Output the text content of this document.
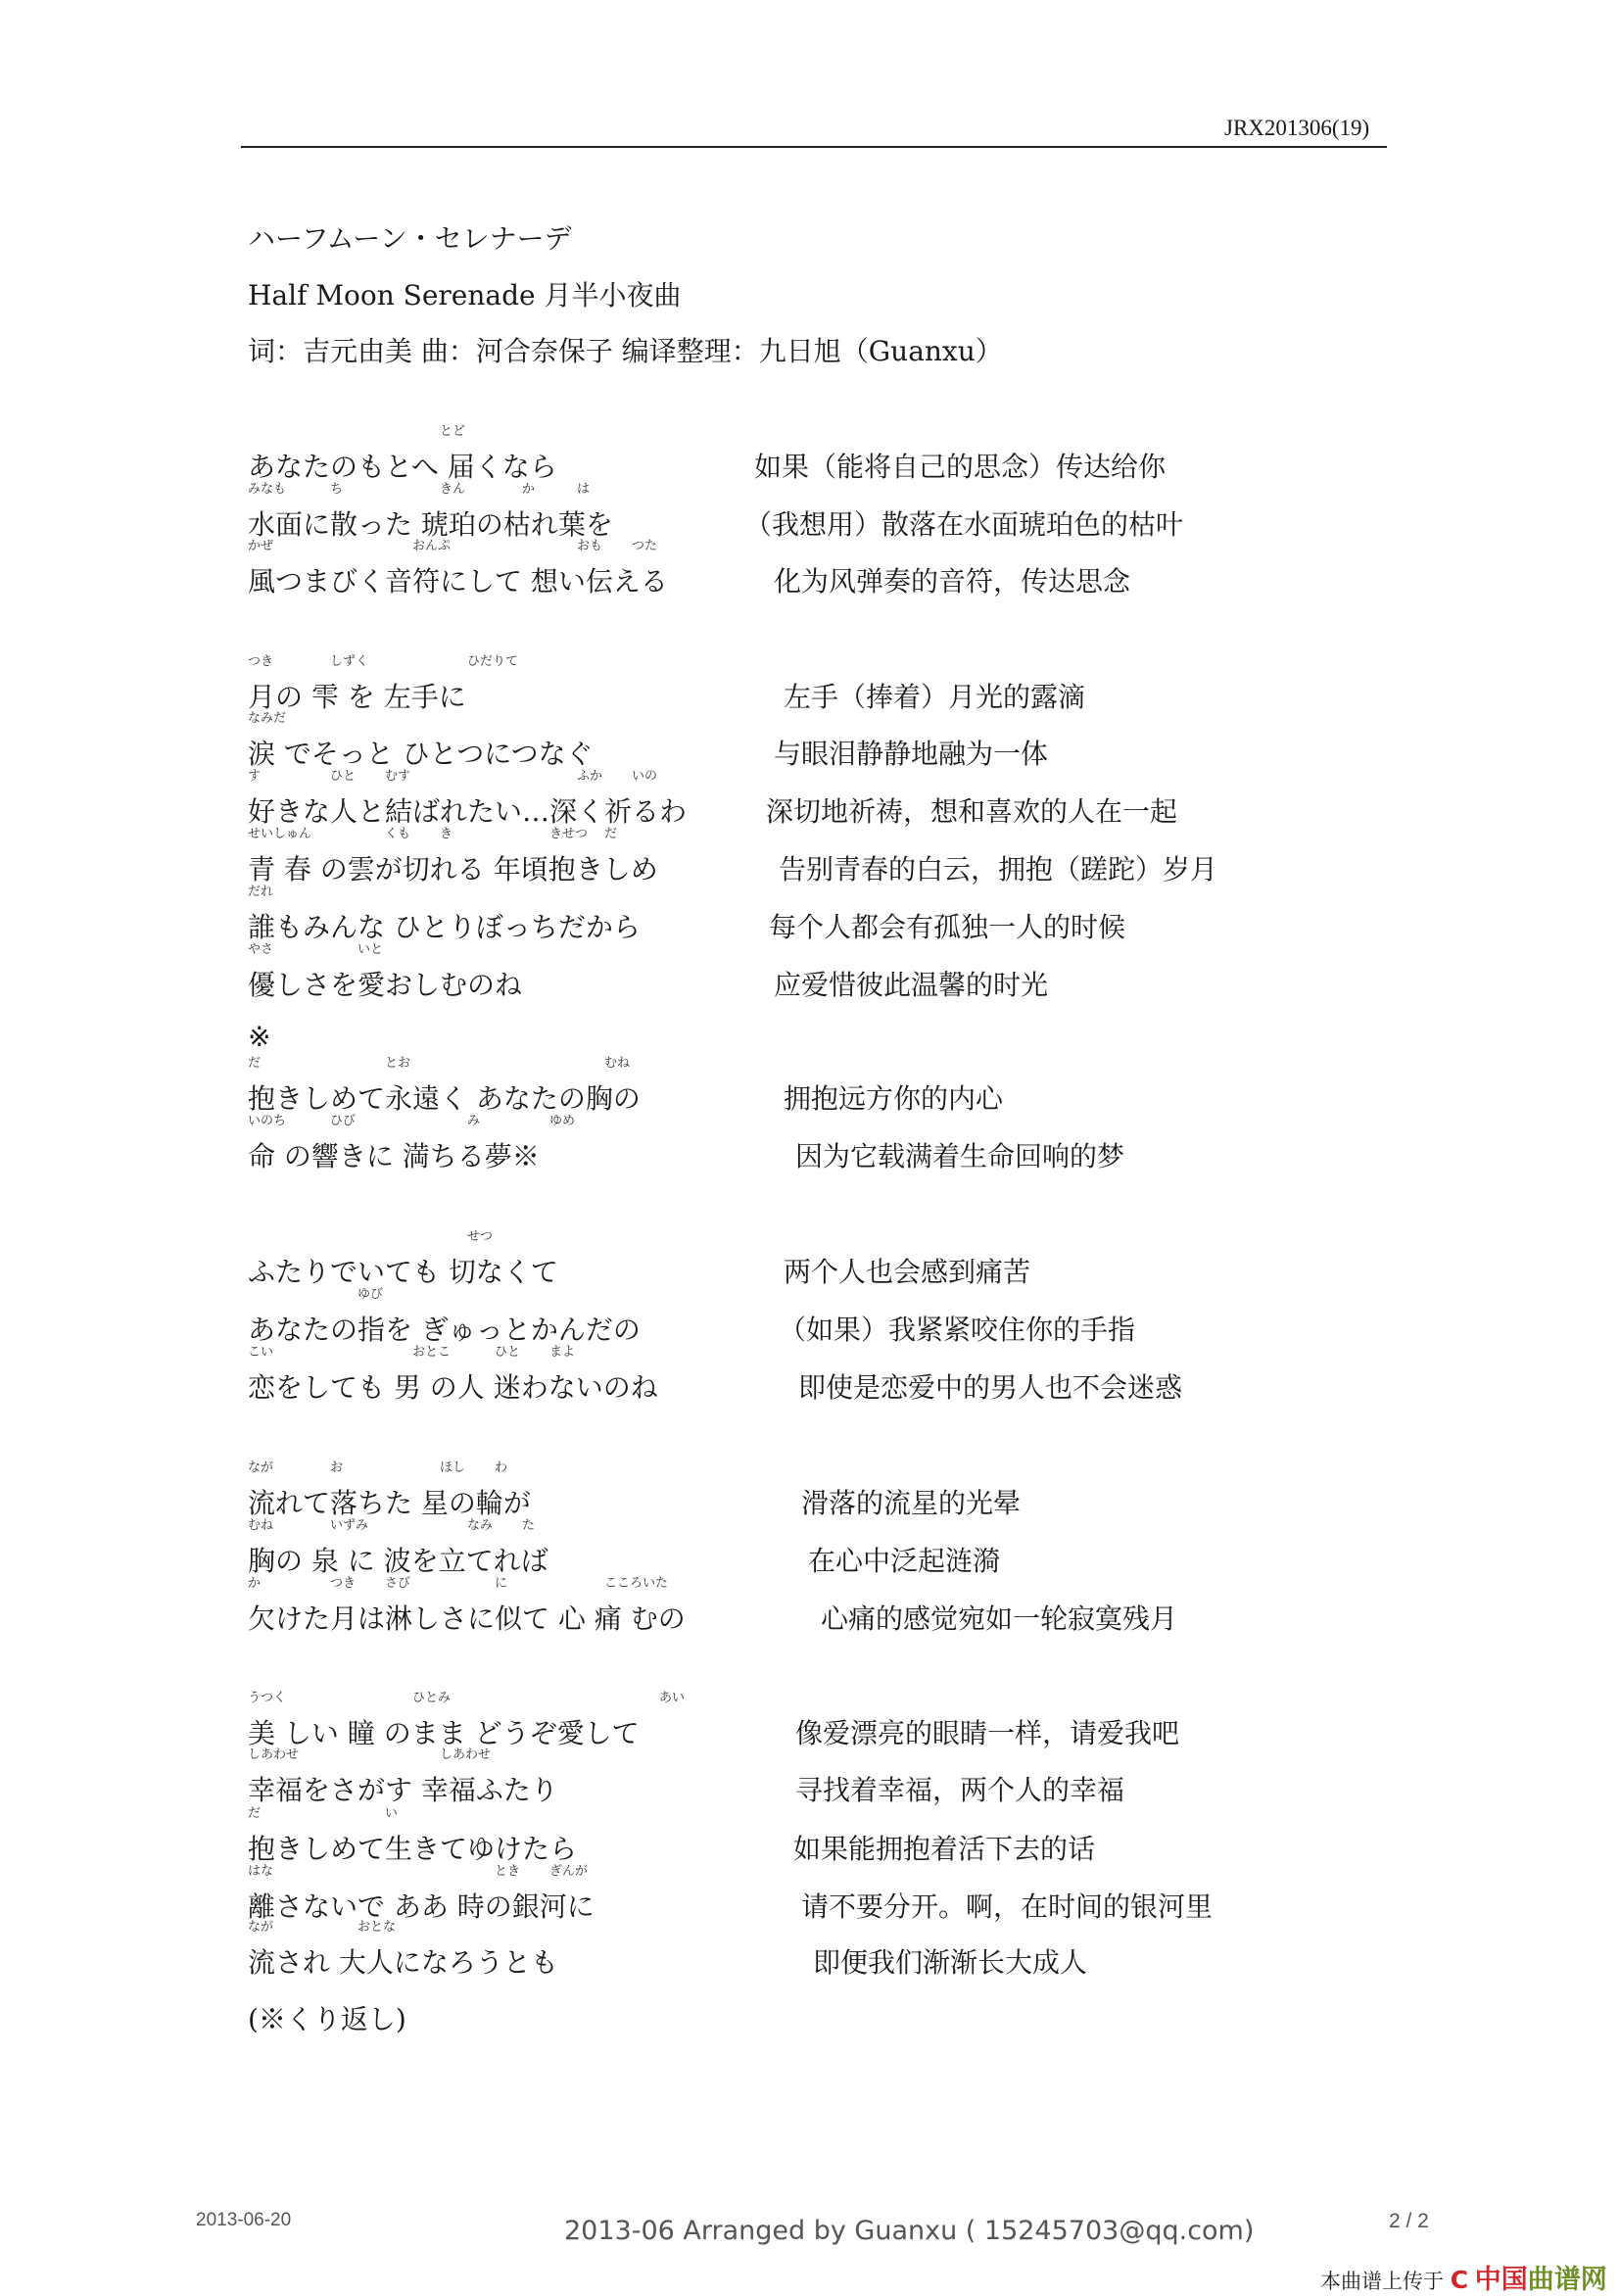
JRX201306(19)
ハーフムーン・セレナーデ
Half Moon Serenade 月半小夜曲
词：吉元由美 曲：河合奈保子 编译整理：九日旭（Guanxu）
あなたのもとへ 届くなら	如果（能将自己的思念）传达给你
とど
水面に散った 琥珀の枯れ葉を	（我想用）散落在水面琥珀色的枯叶
みなも	ち	きん	か	は
風つまびく音符にして 想い伝える	化为风弹奏的音符，传达思念
かぜ	おんぷ	おも つた
月の 雫 を 左手に	左手（捧着）月光的露滴
つき	しずく	ひだりて
涙 でそっと ひとつにつなぐ	与眼泪静静地融为一体
なみだ
好きな人と結ばれたい…深く祈るわ	深切地祈祷，想和喜欢的人在一起
す	ひと むす	ふか いの
青 春 の雲が切れる 年頃抱きしめ	告别青春的白云，拥抱（蹉跎）岁月
せいしゅん	くも き	きせつ だ
誰もみんな ひとりぼっちだから	每个人都会有孤独一人的时候
だれ
優しさを愛おしむのね	应爱惜彼此温馨的时光
やさ	いと
※
抱きしめて永遠く あなたの胸の	拥抱远方你的内心
だ	とお	むね
命 の響きに 満ちる夢※	因为它载满着生命回响的梦
いのち	ひび	み	ゆめ
ふたりでいても 切なくて	两个人也会感到痛苦
せつ
あなたの指を ぎゅっとかんだの	（如果）我紧紧咬住你的手指
ゆび
恋をしても 男 の人 迷わないのね	即使是恋爱中的男人也不会迷惑
こい	おとこ	ひと まよ
流れて落ちた 星の輪が	滑落的流星的光晕
なが	お	ほし わ
胸の 泉 に 波を立てれば	在心中泛起涟漪
むね	いずみ	なみ た
欠けた月は淋しさに似て 心 痛 むの	心痛的感觉宛如一轮寂寞残月
か	つき さび	に	こころいた
美 しい 瞳 のまま どうぞ愛して	像爱漂亮的眼睛一样，请爱我吧
うつく	ひとみ	あい
幸福をさがす 幸福ふたり	寻找着幸福，两个人的幸福
しあわせ	しあわせ
抱きしめて生きてゆけたら	如果能拥抱着活下去的话
だ	い
離さないで ああ 時の銀河に	请不要分开。啊，在时间的银河里
はな	とき ぎんが
流され 大人になろうとも	即便我们渐渐长大成人
なが	おとな
(※くり返し)
2013-06-20	2013-06 Arranged by Guanxu ( 15245703@qq.com)	2 / 2
本曲谱上传于 C 中国曲谱网
